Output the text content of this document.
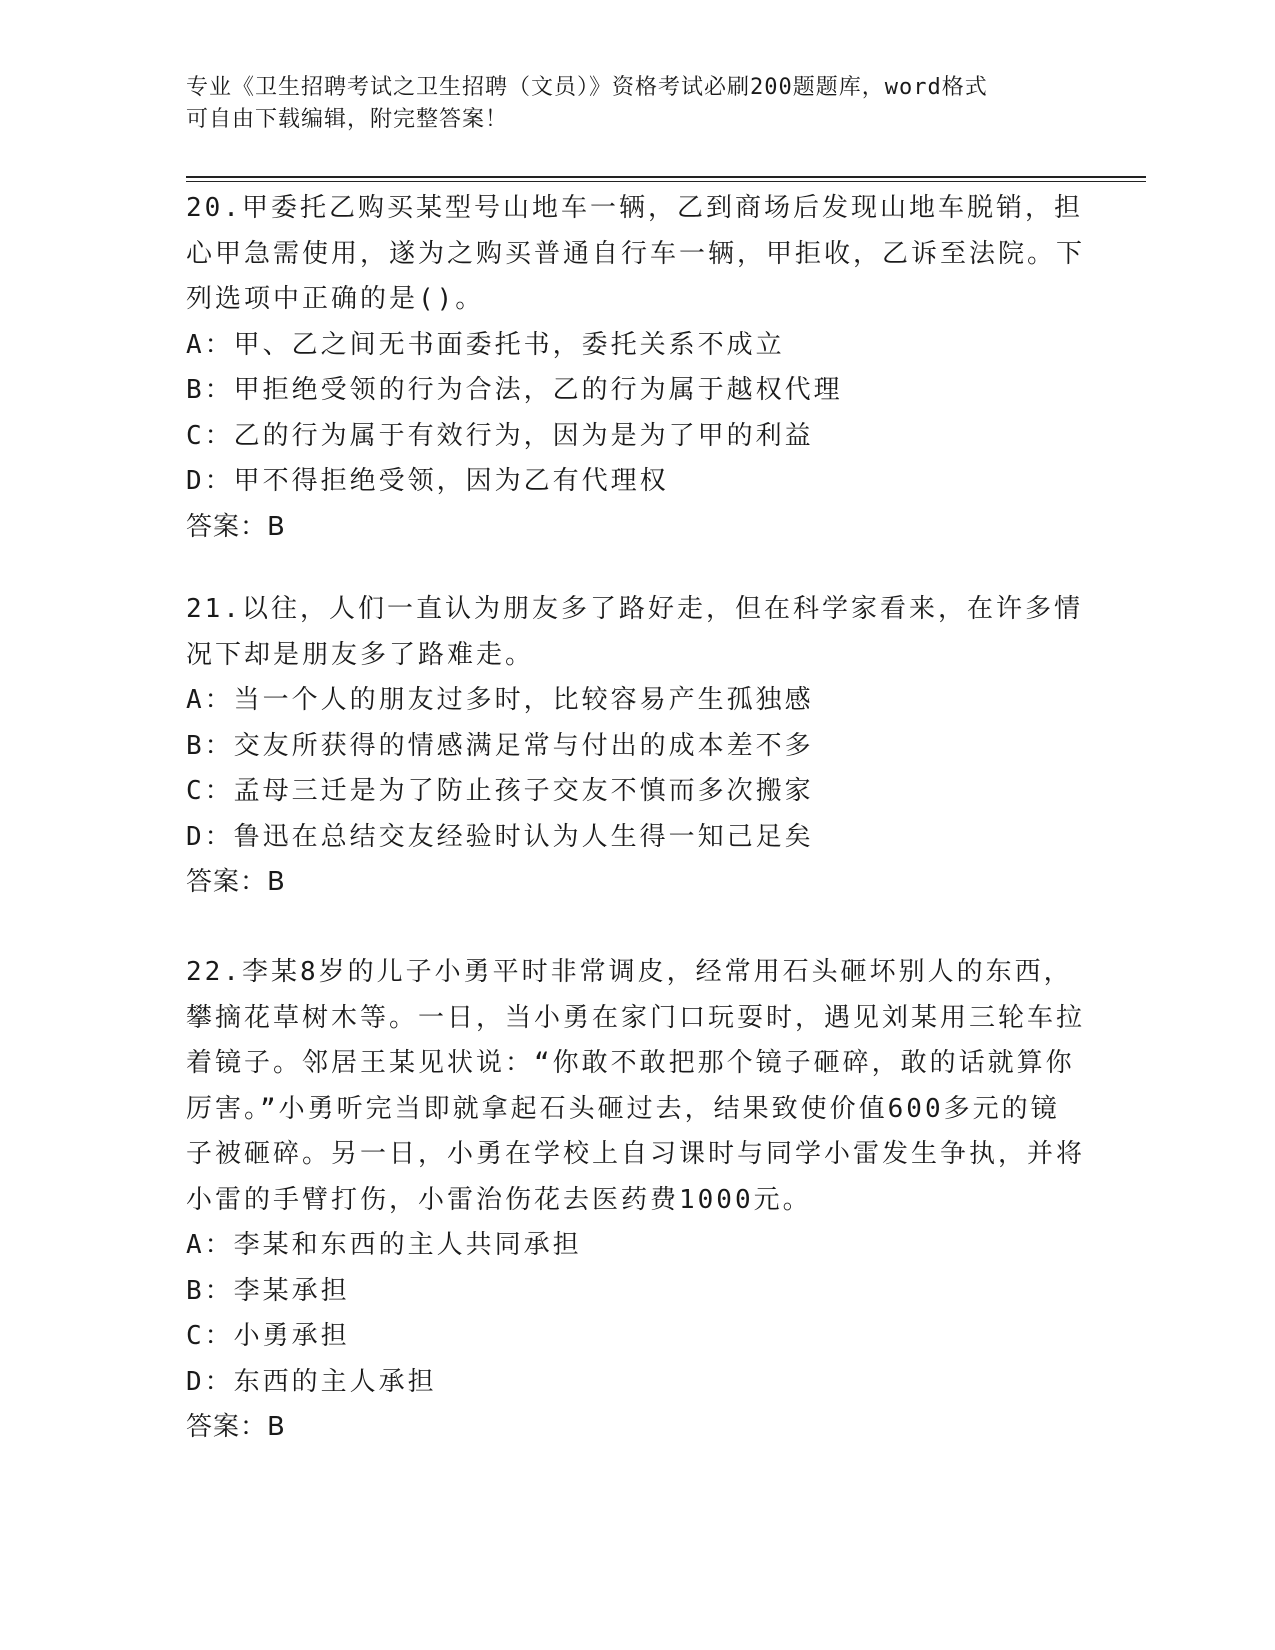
专业《卫生招聘考试之卫生招聘（文员）》资格考试必刷200题题库，word格式
可自由下载编辑，附完整答案！
20.甲委托乙购买某型号山地车一辆，乙到商场后发现山地车脱销，担心甲急需使用，遂为之购买普通自行车一辆，甲拒收，乙诉至法院。下列选项中正确的是()。
A：甲、乙之间无书面委托书，委托关系不成立
B：甲拒绝受领的行为合法，乙的行为属于越权代理
C：乙的行为属于有效行为，因为是为了甲的利益
D：甲不得拒绝受领，因为乙有代理权
答案：B
21.以往，人们一直认为朋友多了路好走，但在科学家看来，在许多情况下却是朋友多了路难走。
A：当一个人的朋友过多时，比较容易产生孤独感
B：交友所获得的情感满足常与付出的成本差不多
C：孟母三迁是为了防止孩子交友不慎而多次搬家
D：鲁迅在总结交友经验时认为人生得一知己足矣
答案：B
22.李某8岁的儿子小勇平时非常调皮，经常用石头砸坏别人的东西，攀摘花草树木等。一日，当小勇在家门口玩耍时，遇见刘某用三轮车拉着镜子。邻居王某见状说：“你敢不敢把那个镜子砸碎，敢的话就算你厉害。”小勇听完当即就拿起石头砸过去，结果致使价值600多元的镜子被砸碎。另一日，小勇在学校上自习课时与同学小雷发生争执，并将小雷的手臂打伤，小雷治伤花去医药费1000元。
A：李某和东西的主人共同承担
B：李某承担
C：小勇承担
D：东西的主人承担
答案：B
